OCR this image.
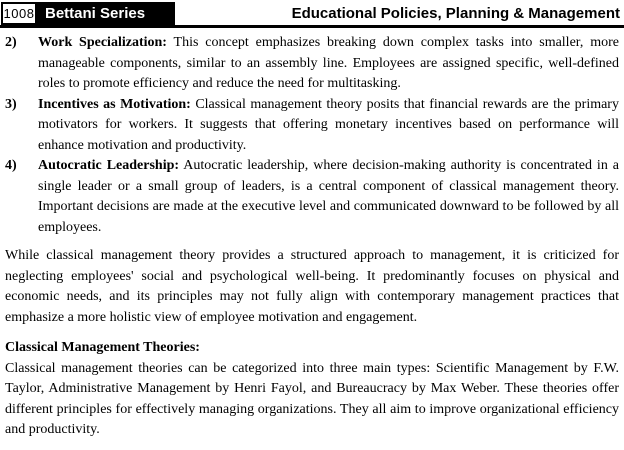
1008 Bettani Series	Educational Policies, Planning & Management
2)	Work Specialization: This concept emphasizes breaking down complex tasks into smaller, more manageable components, similar to an assembly line. Employees are assigned specific, well-defined roles to promote efficiency and reduce the need for multitasking.
3)	Incentives as Motivation: Classical management theory posits that financial rewards are the primary motivators for workers. It suggests that offering monetary incentives based on performance will enhance motivation and productivity.
4)	Autocratic Leadership: Autocratic leadership, where decision-making authority is concentrated in a single leader or a small group of leaders, is a central component of classical management theory. Important decisions are made at the executive level and communicated downward to be followed by all employees.

While classical management theory provides a structured approach to management, it is criticized for neglecting employees' social and psychological well-being. It predominantly focuses on physical and economic needs, and its principles may not fully align with contemporary management practices that emphasize a more holistic view of employee motivation and engagement.

Classical Management Theories:

Classical management theories can be categorized into three main types: Scientific Management by F.W. Taylor, Administrative Management by Henri Fayol, and Bureaucracy by Max Weber. These theories offer different principles for effectively managing organizations. They all aim to improve organizational efficiency and productivity.
